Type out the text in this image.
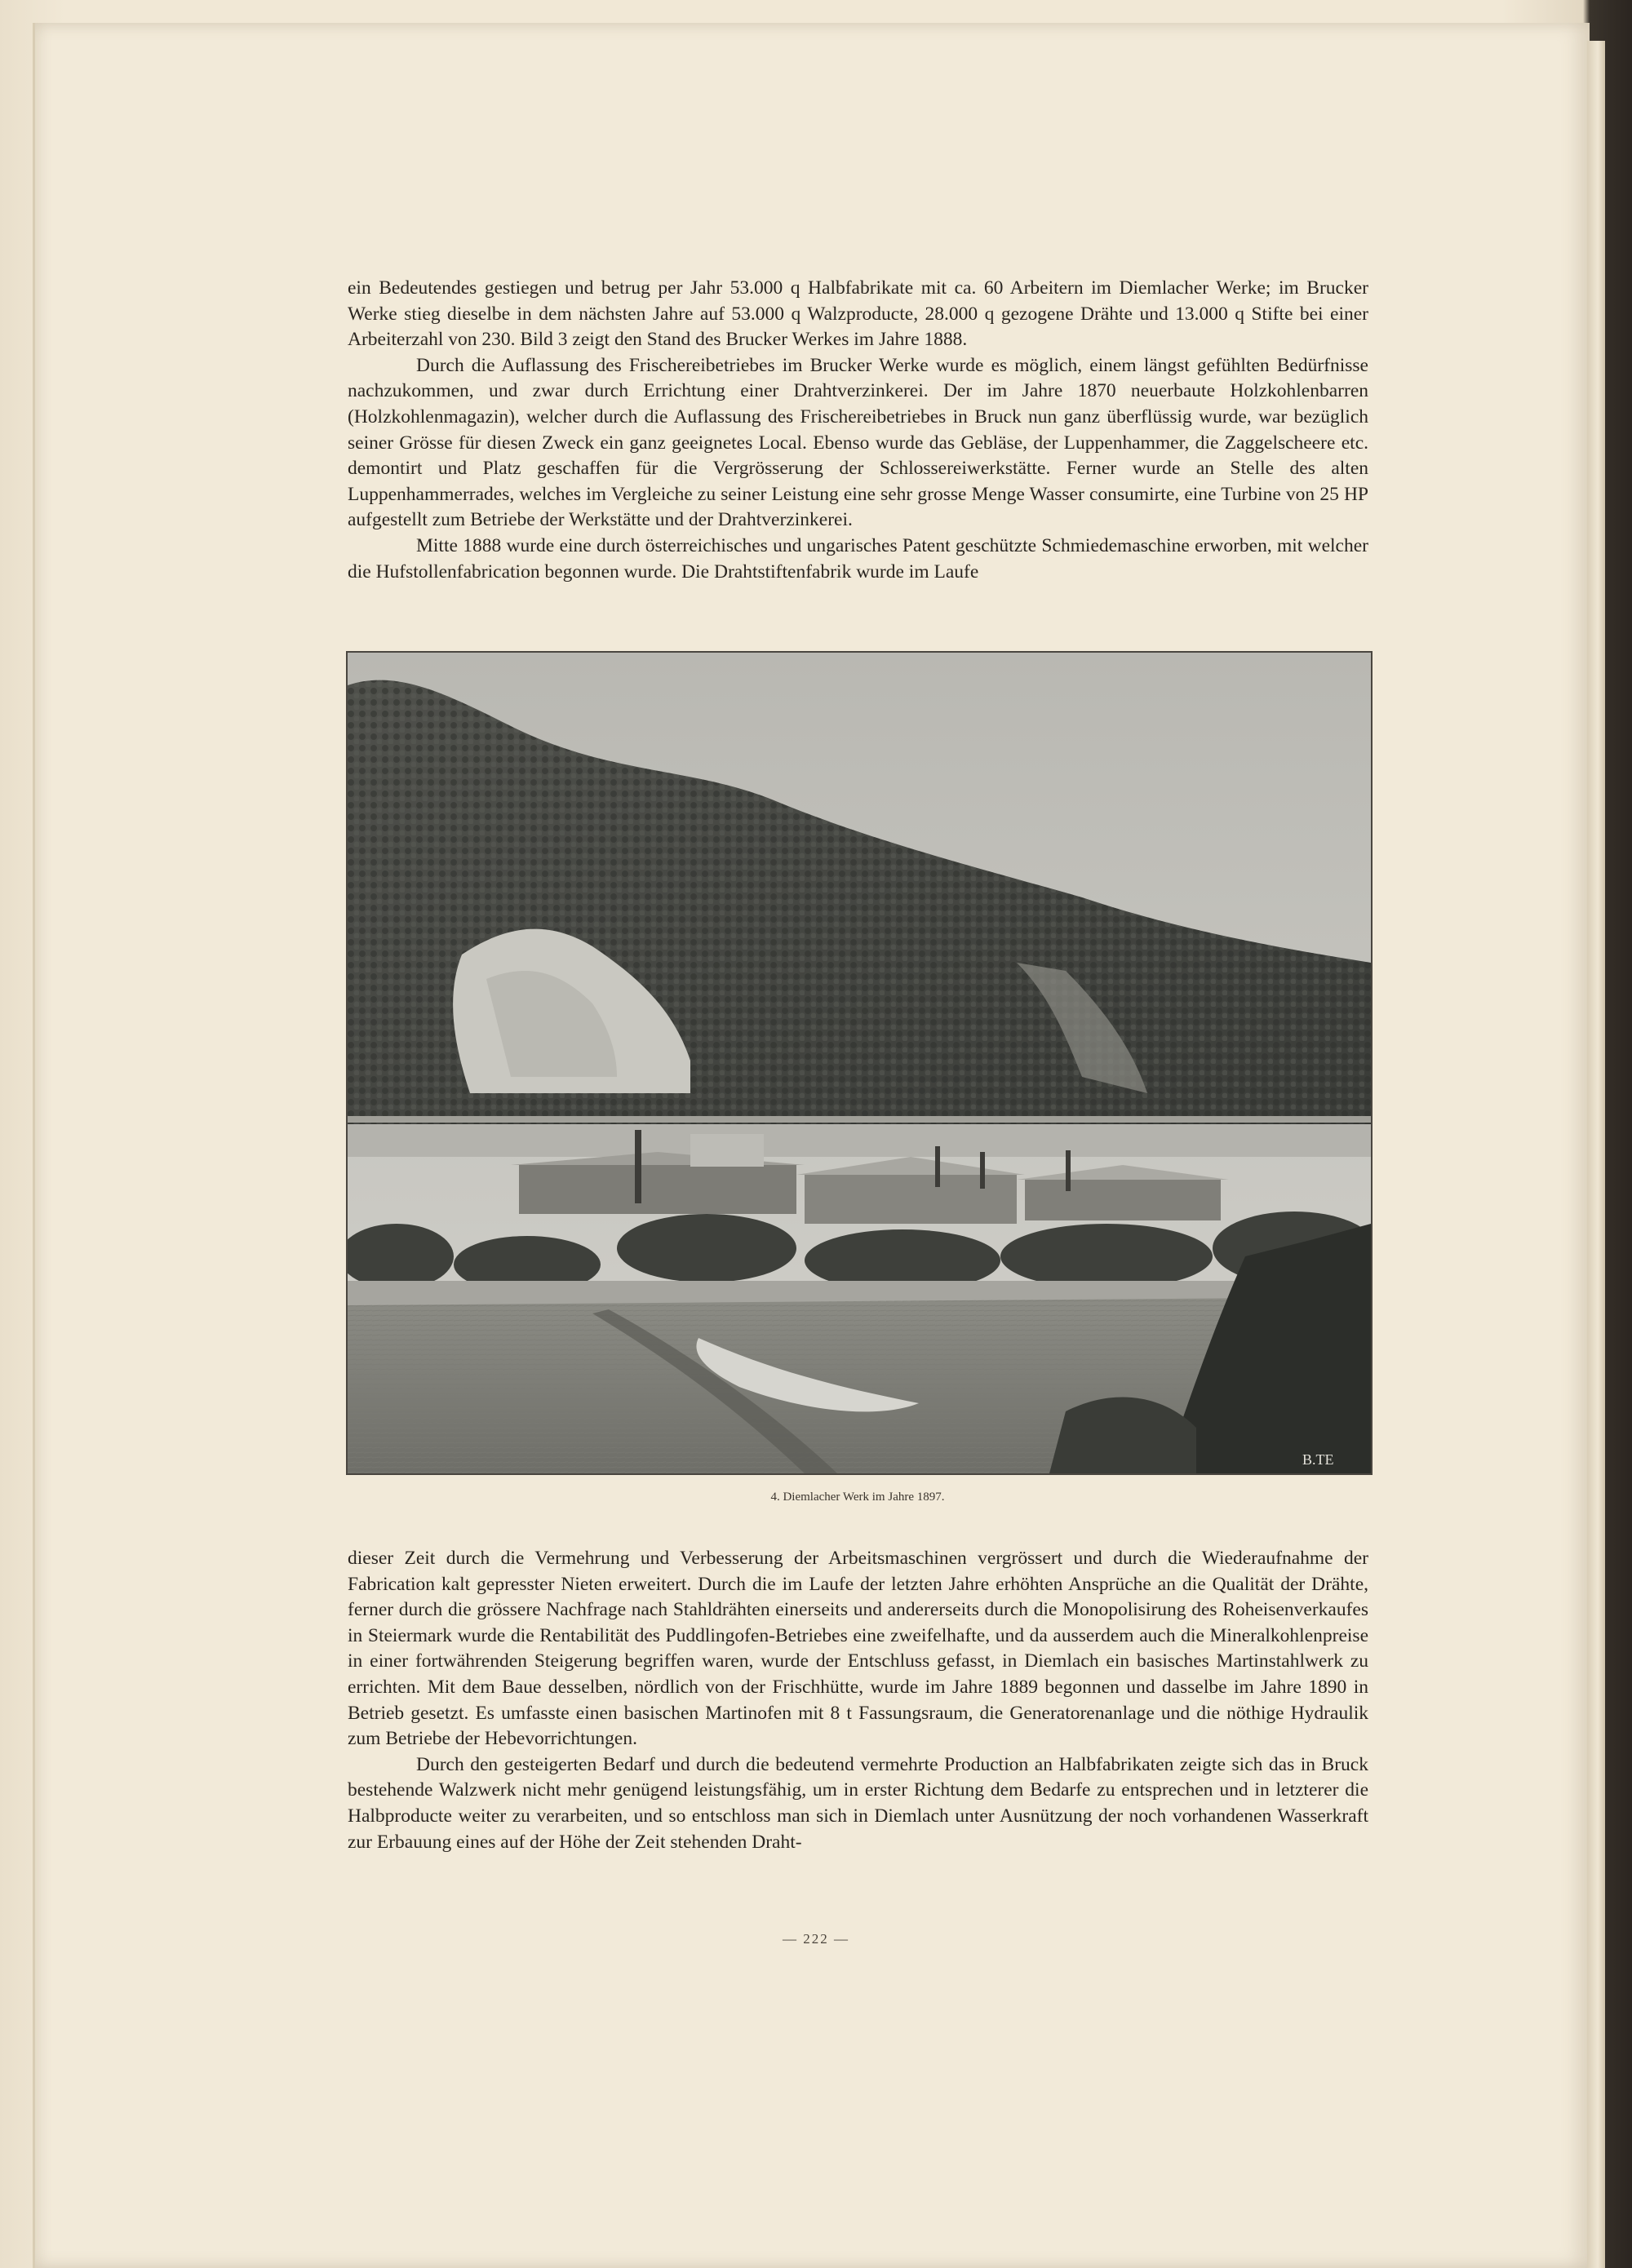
ein Bedeutendes gestiegen und betrug per Jahr 53.000 q Halbfabrikate mit ca. 60 Arbeitern im Diemlacher Werke; im Brucker Werke stieg dieselbe in dem nächsten Jahre auf 53.000 q Walzproducte, 28.000 q gezogene Drähte und 13.000 q Stifte bei einer Arbeiterzahl von 230. Bild 3 zeigt den Stand des Brucker Werkes im Jahre 1888.

Durch die Auflassung des Frischereibetriebes im Brucker Werke wurde es möglich, einem längst gefühlten Bedürfnisse nachzukommen, und zwar durch Errichtung einer Drahtverzinkerei. Der im Jahre 1870 neuerbaute Holzkohlenbarren (Holzkohlenmagazin), welcher durch die Auflassung des Frischereibetriebes in Bruck nun ganz überflüssig wurde, war bezüglich seiner Grösse für diesen Zweck ein ganz geeignetes Local. Ebenso wurde das Gebläse, der Luppenhammer, die Zaggelscheere etc. demontirt und Platz geschaffen für die Vergrösserung der Schlossereiwerkstätte. Ferner wurde an Stelle des alten Luppenhammerrades, welches im Vergleiche zu seiner Leistung eine sehr grosse Menge Wasser consumirte, eine Turbine von 25 HP aufgestellt zum Betriebe der Werkstätte und der Drahtverzinkerei.

Mitte 1888 wurde eine durch österreichisches und ungarisches Patent geschützte Schmiedemaschine erworben, mit welcher die Hufstollenfabrication begonnen wurde. Die Drahtstiftenfabrik wurde im Laufe

B.TE
4. Diemlacher Werk im Jahre 1897.

dieser Zeit durch die Vermehrung und Verbesserung der Arbeitsmaschinen vergrössert und durch die Wiederaufnahme der Fabrication kalt gepresster Nieten erweitert. Durch die im Laufe der letzten Jahre erhöhten Ansprüche an die Qualität der Drähte, ferner durch die grössere Nachfrage nach Stahldrähten einerseits und andererseits durch die Monopolisirung des Roheisenverkaufes in Steiermark wurde die Rentabilität des Puddlingofen-Betriebes eine zweifelhafte, und da ausserdem auch die Mineralkohlenpreise in einer fortwährenden Steigerung begriffen waren, wurde der Entschluss gefasst, in Diemlach ein basisches Martinstahlwerk zu errichten. Mit dem Baue desselben, nördlich von der Frischhütte, wurde im Jahre 1889 begonnen und dasselbe im Jahre 1890 in Betrieb gesetzt. Es umfasste einen basischen Martinofen mit 8 t Fassungsraum, die Generatorenanlage und die nöthige Hydraulik zum Betriebe der Hebevorrichtungen.

Durch den gesteigerten Bedarf und durch die bedeutend vermehrte Production an Halbfabrikaten zeigte sich das in Bruck bestehende Walzwerk nicht mehr genügend leistungsfähig, um in erster Richtung dem Bedarfe zu entsprechen und in letzterer die Halbproducte weiter zu verarbeiten, und so entschloss man sich in Diemlach unter Ausnützung der noch vorhandenen Wasserkraft zur Erbauung eines auf der Höhe der Zeit stehenden Draht-

— 222 —
